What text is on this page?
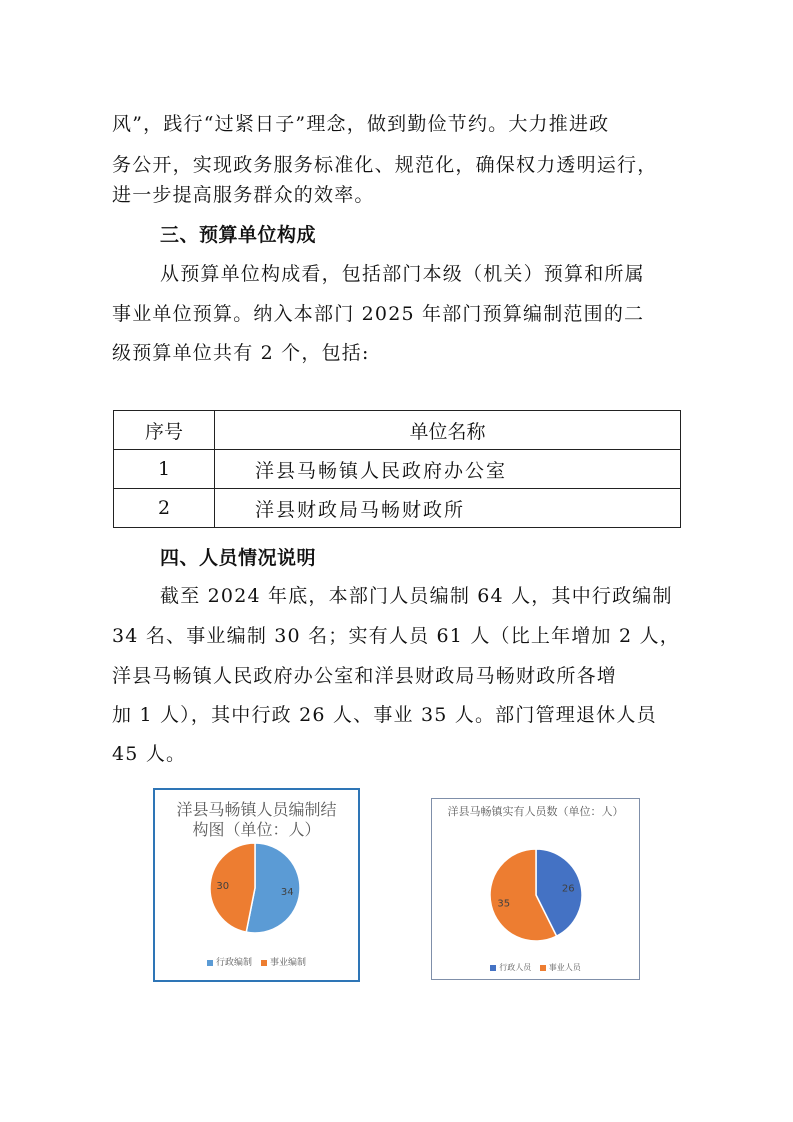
风”，践行“过紧日子”理念，做到勤俭节约。大力推进政
务公开，实现政务服务标准化、规范化，确保权力透明运行，
进一步提高服务群众的效率。
三、预算单位构成
从预算单位构成看，包括部门本级（机关）预算和所属
事业单位预算。纳入本部门 2025 年部门预算编制范围的二
级预算单位共有 2 个，包括:
序号	单位名称
1	洋县马畅镇人民政府办公室
2	洋县财政局马畅财政所
四、人员情况说明
截至 2024 年底，本部门人员编制 64 人，其中行政编制
34 名、事业编制 30 名；实有人员 61 人（比上年增加 2 人，
洋县马畅镇人民政府办公室和洋县财政局马畅财政所各增
加 1 人），其中行政 26 人、事业 35 人。部门管理退休人员
45 人。
洋县马畅镇人员编制结构图（单位：人）
34
30
行政编制 事业编制
洋县马畅镇实有人员数（单位：人）
26
35
行政人员 事业人员
